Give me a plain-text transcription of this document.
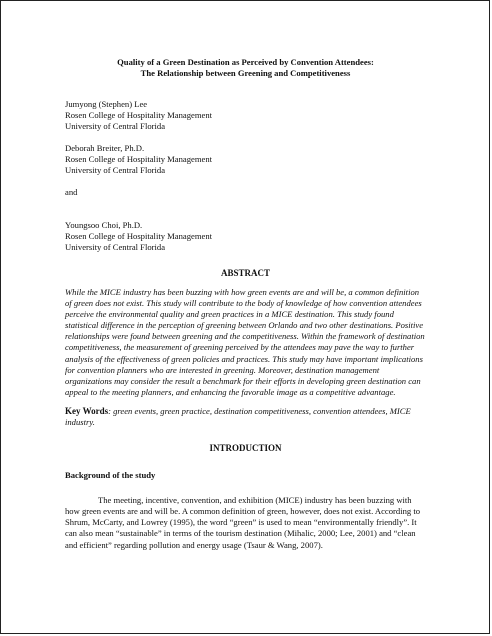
Quality of a Green Destination as Perceived by Convention Attendees:
The Relationship between Greening and Competitiveness
Jumyong (Stephen) Lee
Rosen College of Hospitality Management
University of Central Florida
Deborah Breiter, Ph.D.
Rosen College of Hospitality Management
University of Central Florida
and
Youngsoo Choi, Ph.D.
Rosen College of Hospitality Management
University of Central Florida
ABSTRACT

While the MICE industry has been buzzing with how green events are and will be, a common definition of green does not exist. This study will contribute to the body of knowledge of how convention attendees perceive the environmental quality and green practices in a MICE destination. This study found statistical difference in the perception of greening between Orlando and two other destinations. Positive relationships were found between greening and the competitiveness. Within the framework of destination competitiveness, the measurement of greening perceived by the attendees may pave the way to further analysis of the effectiveness of green policies and practices. This study may have important implications for convention planners who are interested in greening. Moreover, destination management organizations may consider the result a benchmark for their efforts in developing green destination can appeal to the meeting planners, and enhancing the favorable image as a competitive advantage.

Key Words: green events, green practice, destination competitiveness, convention attendees, MICE industry.

INTRODUCTION
Background of the study

The meeting, incentive, convention, and exhibition (MICE) industry has been buzzing with how green events are and will be. A common definition of green, however, does not exist. According to Shrum, McCarty, and Lowrey (1995), the word “green” is used to mean “environmentally friendly”. It can also mean “sustainable” in terms of the tourism destination (Mihalic, 2000; Lee, 2001) and “clean and efficient” regarding pollution and energy usage (Tsaur & Wang, 2007).
